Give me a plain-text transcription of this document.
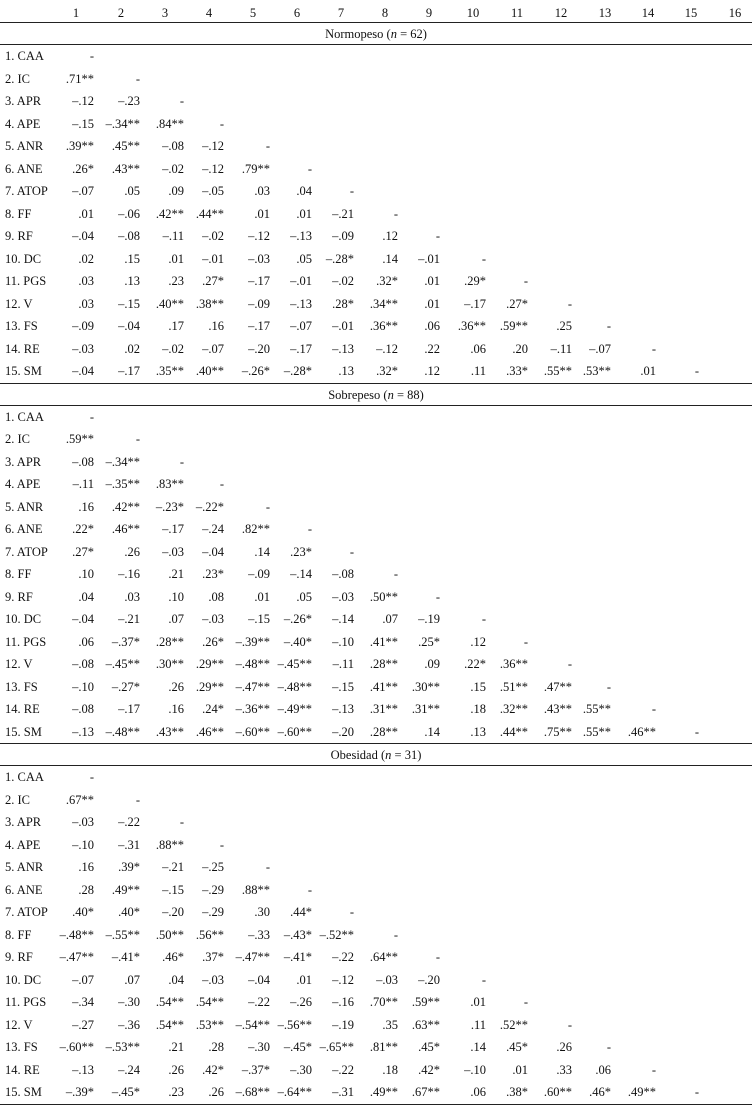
1	2	3	4	5	6	7	8	9	10	11	12	13	14	15	16
Normopeso (n = 62)
1. CAA	-
2. IC	.71**	-
3. APR	–.12	–.23	-
4. APE	–.15 –.34**	.84**	-
5. ANR	.39**	.45**	–.08	–.12	-
6. ANE	.26*	.43**	–.02	–.12	.79**	-
7. ATOP	–.07	.05	.09	–.05	.03	.04	-
8. FF	.01	–.06	.42** .44**	.01	.01	–.21	-
9. RF	–.04	–.08	–.11	–.02	–.12	–.13	–.09	.12	-
10. DC	.02	.15	.01	–.01	–.03	.05	–.28*	.14	–.01	-
11. PGS	.03	.13	.23	.27*	–.17	–.01	–.02	.32*	.01	.29*	-
12. V	.03	–.15	.40** .38**	–.09	–.13	.28*	.34**	.01	–.17	.27*	-
13. FS	–.09	–.04	.17	.16	–.17	–.07	–.01	.36**	.06	.36**	.59**	.25	-
14. RE	–.03	.02	–.02	–.07	–.20	–.17	–.13	–.12	.22	.06	.20	–.11	–.07	-
15. SM	–.04	–.17	.35** .40**	–.26*	–.28*	.13	.32*	.12	.11	.33*	.55** .53**	.01	-
Sobrepeso (n = 88)
1. CAA	-
2. IC	.59**	-
3. APR	–.08 –.34**	-
4. APE	–.11 –.35**	.83**	-
5. ANR	.16	.42**	–.23* –.22*	-
6. ANE	.22*	.46**	–.17	–.24	.82**	-
7. ATOP	.27*	.26	–.03	–.04	.14	.23*	-
8. FF	.10	–.16	.21	.23*	–.09	–.14	–.08	-
9. RF	.04	.03	.10	.08	.01	.05	–.03	.50**	-
10. DC	–.04	–.21	.07	–.03	–.15	–.26*	–.14	.07	–.19	-
11. PGS	.06	–.37*	.28**	.26* –.39**	–.40*	–.10	.41**	.25*	.12	-
12. V	–.08 –.45**	.30** .29** –.48** –.45**	–.11	.28**	.09	.22*	.36**	-
13. FS	–.10	–.27*	.26 .29** –.47** –.48**	–.15	.41**	.30**	.15	.51**	.47**	-
14. RE	–.08	–.17	.16	.24* –.36** –.49**	–.13	.31**	.31**	.18	.32**	.43** .55**	-
15. SM	–.13 –.48**	.43** .46** –.60** –.60**	–.20	.28**	.14	.13	.44**	.75** .55**	.46**	-
Obesidad (n = 31)
1. CAA	-
2. IC	.67**	-
3. APR	–.03	–.22	-
4. APE	–.10	–.31	.88**	-
5. ANR	.16	.39*	–.21	–.25	-
6. ANE	.28	.49**	–.15	–.29	.88**	-
7. ATOP	.40*	.40*	–.20	–.29	.30	.44*	-
8. FF	–.48** –.55**	.50** .56**	–.33	–.43* –.52**	-
9. RF	–.47**	–.41*	.46*	.37* –.47**	–.41*	–.22	.64**	-
10. DC	–.07	.07	.04	–.03	–.04	.01	–.12	–.03	–.20	-
11. PGS	–.34	–.30	.54** .54**	–.22	–.26	–.16	.70**	.59**	.01	-
12. V	–.27	–.36	.54** .53** –.54** –.56**	–.19	.35	.63**	.11	.52**	-
13. FS	–.60** –.53**	.21	.28	–.30	–.45* –.65**	.81**	.45*	.14	.45*	.26	-
14. RE	–.13	–.24	.26	.42*	–.37*	–.30	–.22	.18	.42*	–.10	.01	.33	.06	-
15. SM	–.39*	–.45*	.23	.26 –.68** –.64**	–.31	.49**	.67**	.06	.38*	.60**	.46*	.49**	-
